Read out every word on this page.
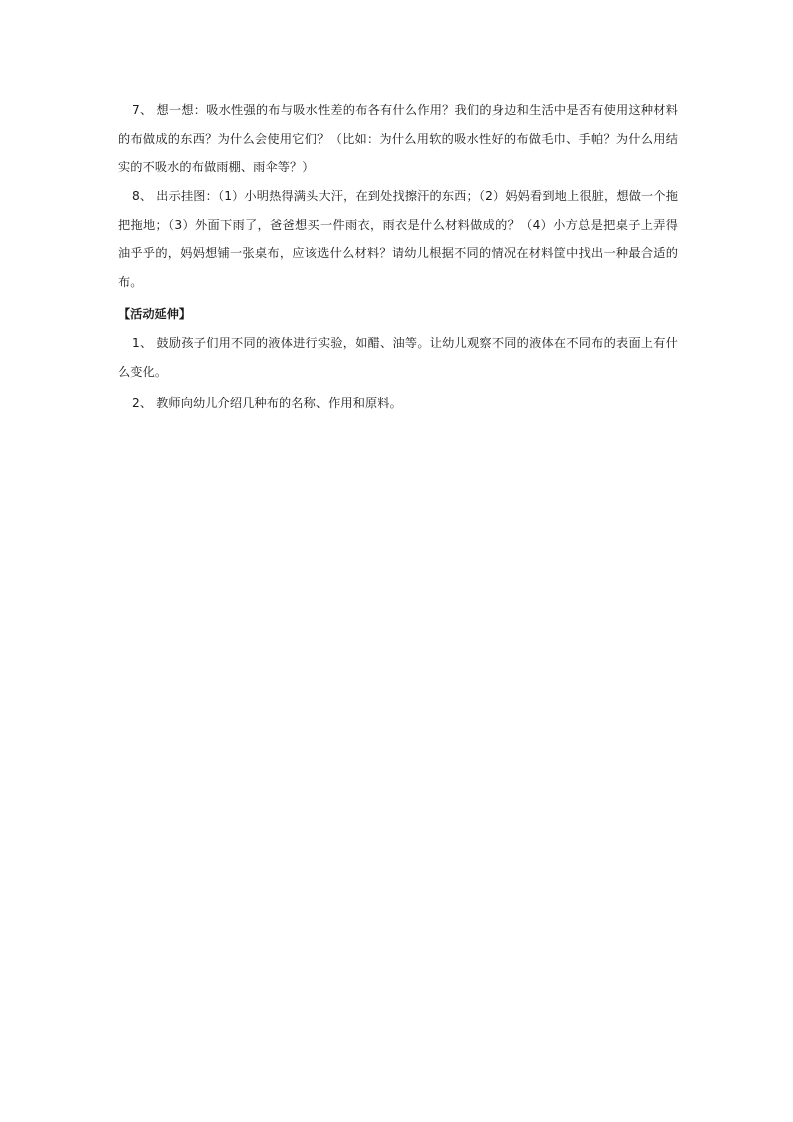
7、 想一想：吸水性强的布与吸水性差的布各有什么作用？我们的身边和生活中是否有使用这种材料的布做成的东西？为什么会使用它们？（比如：为什么用软的吸水性好的布做毛巾、手帕？为什么用结实的不吸水的布做雨棚、雨伞等？）

8、 出示挂图：（1）小明热得满头大汗，在到处找擦汗的东西；（2）妈妈看到地上很脏，想做一个拖把拖地；（3）外面下雨了，爸爸想买一件雨衣，雨衣是什么材料做成的？（4）小方总是把桌子上弄得油乎乎的，妈妈想铺一张桌布，应该选什么材料？请幼儿根据不同的情况在材料筐中找出一种最合适的布。

【活动延伸】

1、 鼓励孩子们用不同的液体进行实验，如醋、油等。让幼儿观察不同的液体在不同布的表面上有什么变化。

2、 教师向幼儿介绍几种布的名称、作用和原料。
